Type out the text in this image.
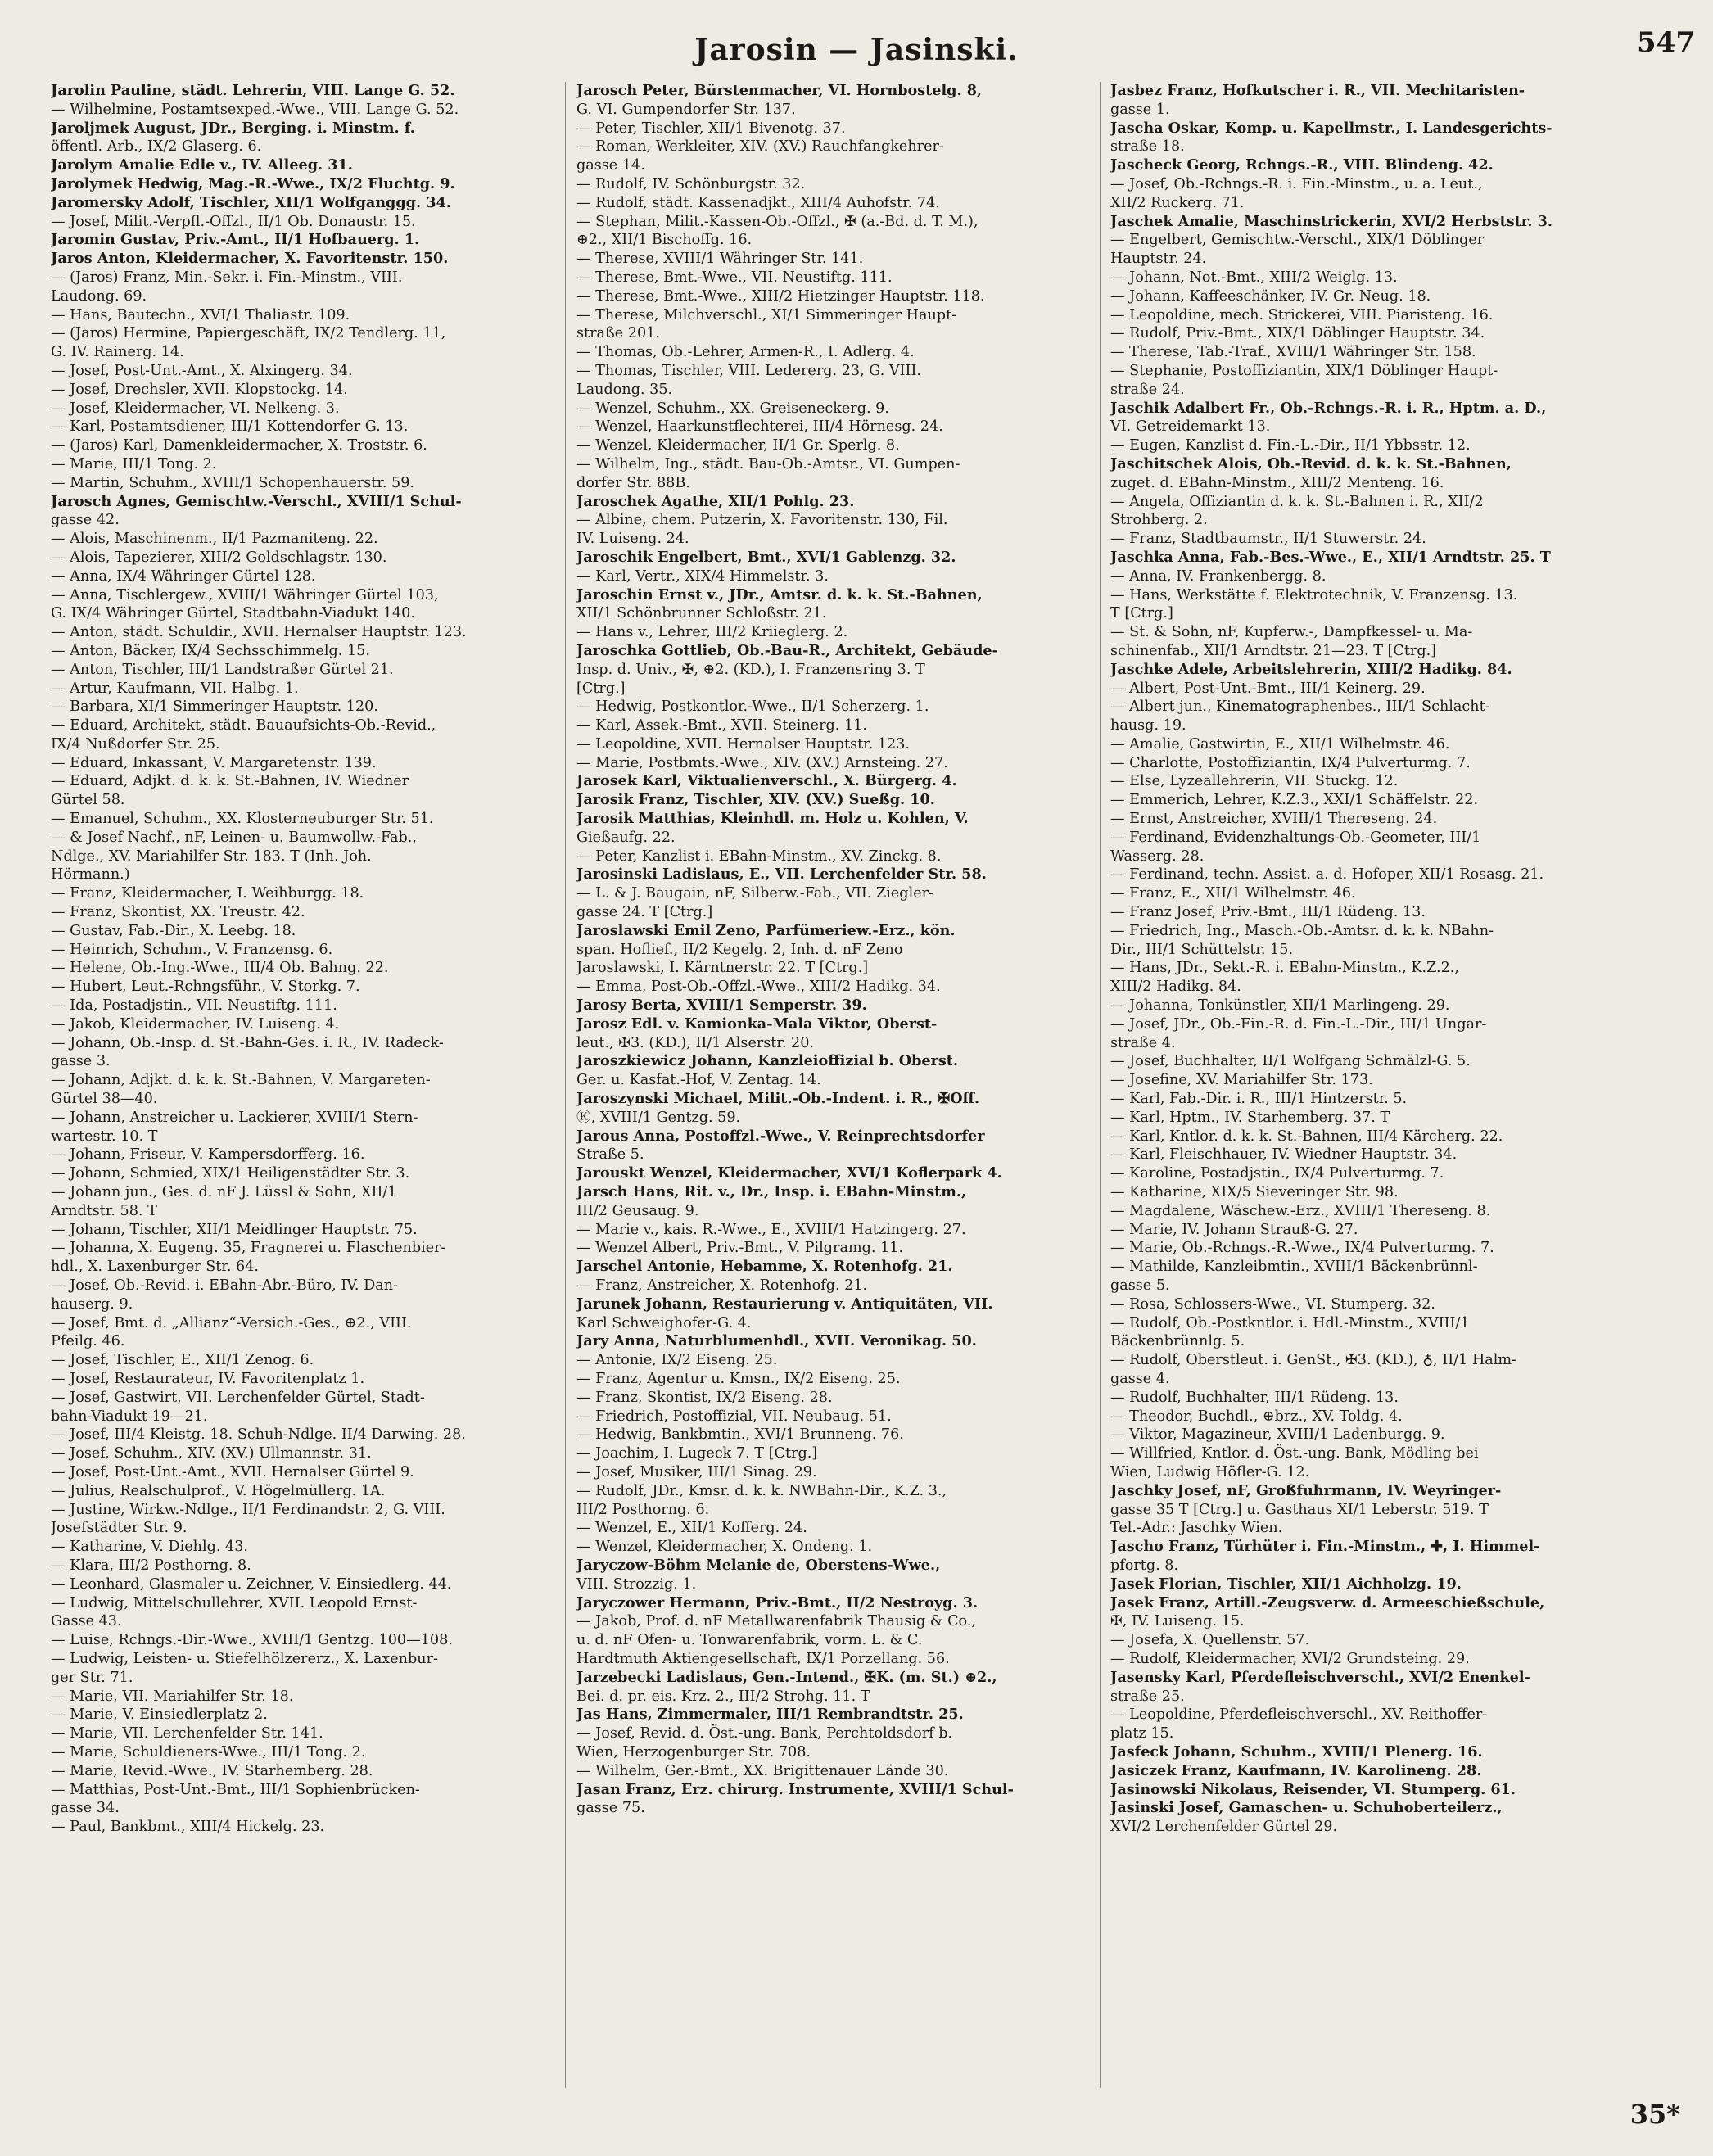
Jarosin — Jasinski.	547

Jarolin Pauline, städt. Lehrerin, VIII. Lange G. 52.

— Wilhelmine, Postamtsexped.-Wwe., VIII. Lange G. 52.

Jaroljmek August, JDr., Berging. i. Minstm. f.

öffentl. Arb., IX/2 Glaserg. 6.

Jarolym Amalie Edle v., IV. Alleeg. 31.

Jarolymek Hedwig, Mag.-R.-Wwe., IX/2 Fluchtg. 9.

Jaromersky Adolf, Tischler, XII/1 Wolfganggg. 34.

— Josef, Milit.-Verpfl.-Offzl., II/1 Ob. Donaustr. 15.

Jaromin Gustav, Priv.-Amt., II/1 Hofbauerg. 1.

Jaros Anton, Kleidermacher, X. Favoritenstr. 150.

— (Jaros) Franz, Min.-Sekr. i. Fin.-Minstm., VIII.

Laudong. 69.

— Hans, Bautechn., XVI/1 Thaliastr. 109.

— (Jaros) Hermine, Papiergeschäft, IX/2 Tendlerg. 11,

G. IV. Rainerg. 14.

— Josef, Post-Unt.-Amt., X. Alxingerg. 34.

— Josef, Drechsler, XVII. Klopstockg. 14.

— Josef, Kleidermacher, VI. Nelkeng. 3.

— Karl, Postamtsdiener, III/1 Kottendorfer G. 13.

— (Jaros) Karl, Damenkleidermacher, X. Troststr. 6.

— Marie, III/1 Tong. 2.

— Martin, Schuhm., XVIII/1 Schopenhauerstr. 59.

Jarosch Agnes, Gemischtw.-Verschl., XVIII/1 Schul-

gasse 42.

— Alois, Maschinenm., II/1 Pazmaniteng. 22.

— Alois, Tapezierer, XIII/2 Goldschlagstr. 130.

— Anna, IX/4 Währinger Gürtel 128.

— Anna, Tischlergew., XVIII/1 Währinger Gürtel 103,

G. IX/4 Währinger Gürtel, Stadtbahn-Viadukt 140.

— Anton, städt. Schuldir., XVII. Hernalser Hauptstr. 123.

— Anton, Bäcker, IX/4 Sechsschimmelg. 15.

— Anton, Tischler, III/1 Landstraßer Gürtel 21.

— Artur, Kaufmann, VII. Halbg. 1.

— Barbara, XI/1 Simmeringer Hauptstr. 120.

— Eduard, Architekt, städt. Bauaufsichts-Ob.-Revid.,

IX/4 Nußdorfer Str. 25.

— Eduard, Inkassant, V. Margaretenstr. 139.

— Eduard, Adjkt. d. k. k. St.-Bahnen, IV. Wiedner

Gürtel 58.

— Emanuel, Schuhm., XX. Klosterneuburger Str. 51.

— & Josef Nachf., nF, Leinen- u. Baumwollw.-Fab.,

Ndlge., XV. Mariahilfer Str. 183. T (Inh. Joh.

Hörmann.)

— Franz, Kleidermacher, I. Weihburgg. 18.

— Franz, Skontist, XX. Treustr. 42.

— Gustav, Fab.-Dir., X. Leebg. 18.

— Heinrich, Schuhm., V. Franzensg. 6.

— Helene, Ob.-Ing.-Wwe., III/4 Ob. Bahng. 22.

— Hubert, Leut.-Rchngsführ., V. Storkg. 7.

— Ida, Postadjstin., VII. Neustiftg. 111.

— Jakob, Kleidermacher, IV. Luiseng. 4.

— Johann, Ob.-Insp. d. St.-Bahn-Ges. i. R., IV. Radeck-

gasse 3.

— Johann, Adjkt. d. k. k. St.-Bahnen, V. Margareten-

Gürtel 38—40.

— Johann, Anstreicher u. Lackierer, XVIII/1 Stern-

wartestr. 10. T

— Johann, Friseur, V. Kampersdorfferg. 16.

— Johann, Schmied, XIX/1 Heiligenstädter Str. 3.

— Johann jun., Ges. d. nF J. Lüssl & Sohn, XII/1

Arndtstr. 58. T

— Johann, Tischler, XII/1 Meidlinger Hauptstr. 75.

— Johanna, X. Eugeng. 35, Fragnerei u. Flaschenbier-

hdl., X. Laxenburger Str. 64.

— Josef, Ob.-Revid. i. EBahn-Abr.-Büro, IV. Dan-

hauserg. 9.

— Josef, Bmt. d. „Allianz“-Versich.-Ges., ⊕2., VIII.

Pfeilg. 46.

— Josef, Tischler, E., XII/1 Zenog. 6.

— Josef, Restaurateur, IV. Favoritenplatz 1.

— Josef, Gastwirt, VII. Lerchenfelder Gürtel, Stadt-

bahn-Viadukt 19—21.

— Josef, III/4 Kleistg. 18. Schuh-Ndlge. II/4 Darwing. 28.

— Josef, Schuhm., XIV. (XV.) Ullmannstr. 31.

— Josef, Post-Unt.-Amt., XVII. Hernalser Gürtel 9.

— Julius, Realschulprof., V. Högelmüllerg. 1A.

— Justine, Wirkw.-Ndlge., II/1 Ferdinandstr. 2, G. VIII.

Josefstädter Str. 9.

— Katharine, V. Diehlg. 43.

— Klara, III/2 Posthorng. 8.

— Leonhard, Glasmaler u. Zeichner, V. Einsiedlerg. 44.

— Ludwig, Mittelschullehrer, XVII. Leopold Ernst-

Gasse 43.

— Luise, Rchngs.-Dir.-Wwe., XVIII/1 Gentzg. 100—108.

— Ludwig, Leisten- u. Stiefelhölzererz., X. Laxenbur-

ger Str. 71.

— Marie, VII. Mariahilfer Str. 18.

— Marie, V. Einsiedlerplatz 2.

— Marie, VII. Lerchenfelder Str. 141.

— Marie, Schuldieners-Wwe., III/1 Tong. 2.

— Marie, Revid.-Wwe., IV. Starhemberg. 28.

— Matthias, Post-Unt.-Bmt., III/1 Sophienbrücken-

gasse 34.

— Paul, Bankbmt., XIII/4 Hickelg. 23.

Jarosch Peter, Bürstenmacher, VI. Hornbostelg. 8,

G. VI. Gumpendorfer Str. 137.

— Peter, Tischler, XII/1 Bivenotg. 37.

— Roman, Werkleiter, XIV. (XV.) Rauchfangkehrer-

gasse 14.

— Rudolf, IV. Schönburgstr. 32.

— Rudolf, städt. Kassenadjkt., XIII/4 Auhofstr. 74.

— Stephan, Milit.-Kassen-Ob.-Offzl., ✠ (a.-Bd. d. T. M.),

⊕2., XII/1 Bischoffg. 16.

— Therese, XVIII/1 Währinger Str. 141.

— Therese, Bmt.-Wwe., VII. Neustiftg. 111.

— Therese, Bmt.-Wwe., XIII/2 Hietzinger Hauptstr. 118.

— Therese, Milchverschl., XI/1 Simmeringer Haupt-

straße 201.

— Thomas, Ob.-Lehrer, Armen-R., I. Adlerg. 4.

— Thomas, Tischler, VIII. Ledererg. 23, G. VIII.

Laudong. 35.

— Wenzel, Schuhm., XX. Greiseneckerg. 9.

— Wenzel, Haarkunstflechterei, III/4 Hörnesg. 24.

— Wenzel, Kleidermacher, II/1 Gr. Sperlg. 8.

— Wilhelm, Ing., städt. Bau-Ob.-Amtsr., VI. Gumpen-

dorfer Str. 88B.

Jaroschek Agathe, XII/1 Pohlg. 23.

— Albine, chem. Putzerin, X. Favoritenstr. 130, Fil.

IV. Luiseng. 24.

Jaroschik Engelbert, Bmt., XVI/1 Gablenzg. 32.

— Karl, Vertr., XIX/4 Himmelstr. 3.

Jaroschin Ernst v., JDr., Amtsr. d. k. k. St.-Bahnen,

XII/1 Schönbrunner Schloßstr. 21.

— Hans v., Lehrer, III/2 Kriieglerg. 2.

Jaroschka Gottlieb, Ob.-Bau-R., Architekt, Gebäude-

Insp. d. Univ., ✠, ⊕2. (KD.), I. Franzensring 3. T

[Ctrg.]

— Hedwig, Postkontlor.-Wwe., II/1 Scherzerg. 1.

— Karl, Assek.-Bmt., XVII. Steinerg. 11.

— Leopoldine, XVII. Hernalser Hauptstr. 123.

— Marie, Postbmts.-Wwe., XIV. (XV.) Arnsteing. 27.

Jarosek Karl, Viktualienverschl., X. Bürgerg. 4.

Jarosik Franz, Tischler, XIV. (XV.) Sueßg. 10.

Jarosik Matthias, Kleinhdl. m. Holz u. Kohlen, V.

Gießaufg. 22.

— Peter, Kanzlist i. EBahn-Minstm., XV. Zinckg. 8.

Jarosinski Ladislaus, E., VII. Lerchenfelder Str. 58.

— L. & J. Baugain, nF, Silberw.-Fab., VII. Ziegler-

gasse 24. T [Ctrg.]

Jaroslawski Emil Zeno, Parfümeriew.-Erz., kön.

span. Hoflief., II/2 Kegelg. 2, Inh. d. nF Zeno

Jaroslawski, I. Kärntnerstr. 22. T [Ctrg.]

— Emma, Post-Ob.-Offzl.-Wwe., XIII/2 Hadikg. 34.

Jarosy Berta, XVIII/1 Semperstr. 39.

Jarosz Edl. v. Kamionka-Mala Viktor, Oberst-

leut., ✠3. (KD.), II/1 Alserstr. 20.

Jaroszkiewicz Johann, Kanzleioffizial b. Oberst.

Ger. u. Kasfat.-Hof, V. Zentag. 14.

Jaroszynski Michael, Milit.-Ob.-Indent. i. R., ✠Off.

Ⓚ, XVIII/1 Gentzg. 59.

Jarous Anna, Postoffzl.-Wwe., V. Reinprechtsdorfer

Straße 5.

Jarouskt Wenzel, Kleidermacher, XVI/1 Koflerpark 4.

Jarsch Hans, Rit. v., Dr., Insp. i. EBahn-Minstm.,

III/2 Geusaug. 9.

— Marie v., kais. R.-Wwe., E., XVIII/1 Hatzingerg. 27.

— Wenzel Albert, Priv.-Bmt., V. Pilgramg. 11.

Jarschel Antonie, Hebamme, X. Rotenhofg. 21.

— Franz, Anstreicher, X. Rotenhofg. 21.

Jarunek Johann, Restaurierung v. Antiquitäten, VII.

Karl Schweighofer-G. 4.

Jary Anna, Naturblumenhdl., XVII. Veronikag. 50.

— Antonie, IX/2 Eiseng. 25.

— Franz, Agentur u. Kmsn., IX/2 Eiseng. 25.

— Franz, Skontist, IX/2 Eiseng. 28.

— Friedrich, Postoffizial, VII. Neubaug. 51.

— Hedwig, Bankbmtin., XVI/1 Brunneng. 76.

— Joachim, I. Lugeck 7. T [Ctrg.]

— Josef, Musiker, III/1 Sinag. 29.

— Rudolf, JDr., Kmsr. d. k. k. NWBahn-Dir., K.Z. 3.,

III/2 Posthorng. 6.

— Wenzel, E., XII/1 Kofferg. 24.

— Wenzel, Kleidermacher, X. Ondeng. 1.

Jaryczow-Böhm Melanie de, Oberstens-Wwe.,

VIII. Strozzig. 1.

Jaryczower Hermann, Priv.-Bmt., II/2 Nestroyg. 3.

— Jakob, Prof. d. nF Metallwarenfabrik Thausig & Co.,

u. d. nF Ofen- u. Tonwarenfabrik, vorm. L. & C.

Hardtmuth Aktiengesellschaft, IX/1 Porzellang. 56.

Jarzebecki Ladislaus, Gen.-Intend., ✠K. (m. St.) ⊕2.,

Bei. d. pr. eis. Krz. 2., III/2 Strohg. 11. T

Jas Hans, Zimmermaler, III/1 Rembrandtstr. 25.

— Josef, Revid. d. Öst.-ung. Bank, Perchtoldsdorf b.

Wien, Herzogenburger Str. 708.

— Wilhelm, Ger.-Bmt., XX. Brigittenauer Lände 30.

Jasan Franz, Erz. chirurg. Instrumente, XVIII/1 Schul-

gasse 75.

Jasbez Franz, Hofkutscher i. R., VII. Mechitaristen-

gasse 1.

Jascha Oskar, Komp. u. Kapellmstr., I. Landesgerichts-

straße 18.

Jascheck Georg, Rchngs.-R., VIII. Blindeng. 42.

— Josef, Ob.-Rchngs.-R. i. Fin.-Minstm., u. a. Leut.,

XII/2 Ruckerg. 71.

Jaschek Amalie, Maschinstrickerin, XVI/2 Herbststr. 3.

— Engelbert, Gemischtw.-Verschl., XIX/1 Döblinger

Hauptstr. 24.

— Johann, Not.-Bmt., XIII/2 Weiglg. 13.

— Johann, Kaffeeschänker, IV. Gr. Neug. 18.

— Leopoldine, mech. Strickerei, VIII. Piaristeng. 16.

— Rudolf, Priv.-Bmt., XIX/1 Döblinger Hauptstr. 34.

— Therese, Tab.-Traf., XVIII/1 Währinger Str. 158.

— Stephanie, Postoffiziantin, XIX/1 Döblinger Haupt-

straße 24.

Jaschik Adalbert Fr., Ob.-Rchngs.-R. i. R., Hptm. a. D.,

VI. Getreidemarkt 13.

— Eugen, Kanzlist d. Fin.-L.-Dir., II/1 Ybbsstr. 12.

Jaschitschek Alois, Ob.-Revid. d. k. k. St.-Bahnen,

zuget. d. EBahn-Minstm., XIII/2 Menteng. 16.

— Angela, Offiziantin d. k. k. St.-Bahnen i. R., XII/2

Strohberg. 2.

— Franz, Stadtbaumstr., II/1 Stuwerstr. 24.

Jaschka Anna, Fab.-Bes.-Wwe., E., XII/1 Arndtstr. 25. T

— Anna, IV. Frankenbergg. 8.

— Hans, Werkstätte f. Elektrotechnik, V. Franzensg. 13.

T [Ctrg.]

— St. & Sohn, nF, Kupferw.-, Dampfkessel- u. Ma-

schinenfab., XII/1 Arndtstr. 21—23. T [Ctrg.]

Jaschke Adele, Arbeitslehrerin, XIII/2 Hadikg. 84.

— Albert, Post-Unt.-Bmt., III/1 Keinerg. 29.

— Albert jun., Kinematographenbes., III/1 Schlacht-

hausg. 19.

— Amalie, Gastwirtin, E., XII/1 Wilhelmstr. 46.

— Charlotte, Postoffiziantin, IX/4 Pulverturmg. 7.

— Else, Lyzeallehrerin, VII. Stuckg. 12.

— Emmerich, Lehrer, K.Z.3., XXI/1 Schäffelstr. 22.

— Ernst, Anstreicher, XVIII/1 Thereseng. 24.

— Ferdinand, Evidenzhaltungs-Ob.-Geometer, III/1

Wasserg. 28.

— Ferdinand, techn. Assist. a. d. Hofoper, XII/1 Rosasg. 21.

— Franz, E., XII/1 Wilhelmstr. 46.

— Franz Josef, Priv.-Bmt., III/1 Rüdeng. 13.

— Friedrich, Ing., Masch.-Ob.-Amtsr. d. k. k. NBahn-

Dir., III/1 Schüttelstr. 15.

— Hans, JDr., Sekt.-R. i. EBahn-Minstm., K.Z.2.,

XIII/2 Hadikg. 84.

— Johanna, Tonkünstler, XII/1 Marlingeng. 29.

— Josef, JDr., Ob.-Fin.-R. d. Fin.-L.-Dir., III/1 Ungar-

straße 4.

— Josef, Buchhalter, II/1 Wolfgang Schmälzl-G. 5.

— Josefine, XV. Mariahilfer Str. 173.

— Karl, Fab.-Dir. i. R., III/1 Hintzerstr. 5.

— Karl, Hptm., IV. Starhemberg. 37. T

— Karl, Kntlor. d. k. k. St.-Bahnen, III/4 Kärcherg. 22.

— Karl, Fleischhauer, IV. Wiedner Hauptstr. 34.

— Karoline, Postadjstin., IX/4 Pulverturmg. 7.

— Katharine, XIX/5 Sieveringer Str. 98.

— Magdalene, Wäschew.-Erz., XVIII/1 Thereseng. 8.

— Marie, IV. Johann Strauß-G. 27.

— Marie, Ob.-Rchngs.-R.-Wwe., IX/4 Pulverturmg. 7.

— Mathilde, Kanzleibmtin., XVIII/1 Bäckenbrünnl-

gasse 5.

— Rosa, Schlossers-Wwe., VI. Stumperg. 32.

— Rudolf, Ob.-Postkntlor. i. Hdl.-Minstm., XVIII/1

Bäckenbrünnlg. 5.

— Rudolf, Oberstleut. i. GenSt., ✠3. (KD.), ♁, II/1 Halm-

gasse 4.

— Rudolf, Buchhalter, III/1 Rüdeng. 13.

— Theodor, Buchdl., ⊕brz., XV. Toldg. 4.

— Viktor, Magazineur, XVIII/1 Ladenburgg. 9.

— Willfried, Kntlor. d. Öst.-ung. Bank, Mödling bei

Wien, Ludwig Höfler-G. 12.

Jaschky Josef, nF, Großfuhrmann, IV. Weyringer-

gasse 35 T [Ctrg.] u. Gasthaus XI/1 Leberstr. 519. T

Tel.-Adr.: Jaschky Wien.

Jascho Franz, Türhüter i. Fin.-Minstm., ✚, I. Himmel-

pfortg. 8.

Jasek Florian, Tischler, XII/1 Aichholzg. 19.

Jasek Franz, Artill.-Zeugsverw. d. Armeeschießschule,

✠, IV. Luiseng. 15.

— Josefa, X. Quellenstr. 57.

— Rudolf, Kleidermacher, XVI/2 Grundsteing. 29.

Jasensky Karl, Pferdefleischverschl., XVI/2 Enenkel-

straße 25.

— Leopoldine, Pferdefleischverschl., XV. Reithoffer-

platz 15.

Jasfeck Johann, Schuhm., XVIII/1 Plenerg. 16.

Jasiczek Franz, Kaufmann, IV. Karolineng. 28.

Jasinowski Nikolaus, Reisender, VI. Stumperg. 61.

Jasinski Josef, Gamaschen- u. Schuhoberteilerz.,

XVI/2 Lerchenfelder Gürtel 29.

35*
